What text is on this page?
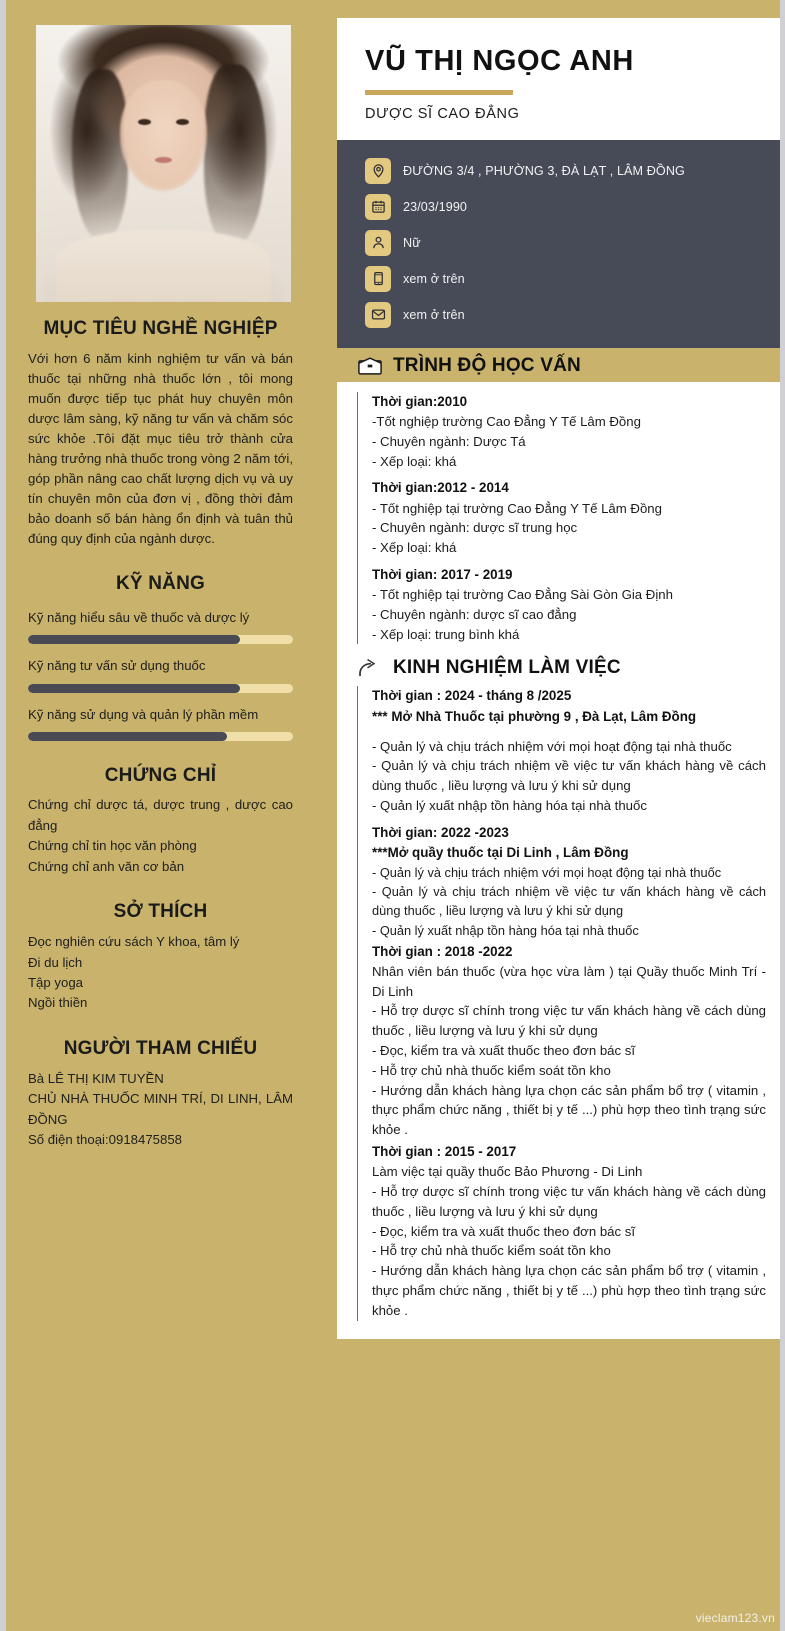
MỤC TIÊU NGHỀ NGHIỆP
Với hơn 6 năm kinh nghiệm tư vấn và bán thuốc tại những nhà thuốc lớn , tôi mong muốn được tiếp tục phát huy chuyên môn dược lâm sàng, kỹ năng tư vấn và chăm sóc sức khỏe .Tôi đặt mục tiêu trở thành cửa hàng trưởng nhà thuốc trong vòng 2 năm tới, góp phần nâng cao chất lượng dịch vụ và uy tín chuyên môn của đơn vị , đồng thời đảm bảo doanh số bán hàng ổn định và tuân thủ đúng quy định của ngành dược.
KỸ NĂNG
Kỹ năng hiểu sâu về thuốc và dược lý
Kỹ năng tư vấn sử dụng thuốc
Kỹ năng sử dụng và quản lý phần mềm
CHỨNG CHỈ
Chứng chỉ dược tá, dược trung , dược cao đẳng
Chứng chỉ tin học văn phòng
Chứng chỉ anh văn cơ bản
SỞ THÍCH
Đọc nghiên cứu sách Y khoa, tâm lý
Đi du lịch
Tập yoga
Ngồi thiền
NGƯỜI THAM CHIẾU
Bà LÊ THỊ KIM TUYỀN
CHỦ NHÀ THUỐC MINH TRÍ, DI LINH, LÂM ĐỒNG
Số điện thoại:0918475858
VŨ THỊ NGỌC ANH
DƯỢC SĨ CAO ĐẲNG
ĐƯỜNG 3/4 , PHƯỜNG 3, ĐÀ LẠT , LÂM ĐỒNG
23/03/1990
Nữ
xem ở trên
xem ở trên
TRÌNH ĐỘ HỌC VẤN
Thời gian:2010
-Tốt nghiệp trường Cao Đẳng Y Tế Lâm Đồng
- Chuyên ngành: Dược Tá
- Xếp loại: khá
Thời gian:2012 - 2014
- Tốt nghiệp tại trường Cao Đẳng Y Tế Lâm Đồng
- Chuyên ngành: dược sĩ trung học
- Xếp loại: khá
Thời gian: 2017 - 2019
- Tốt nghiệp tại trường Cao Đẳng Sài Gòn Gia Định
- Chuyên ngành: dược sĩ cao đẳng
- Xếp loại: trung bình khá
KINH NGHIỆM LÀM VIỆC
Thời gian : 2024 - tháng 8 /2025
*** Mở Nhà Thuốc tại phường 9 , Đà Lạt, Lâm Đồng
- Quản lý và chịu trách nhiệm với mọi hoạt động tại nhà thuốc
- Quản lý và chịu trách nhiệm về việc tư vấn khách hàng về cách dùng thuốc , liều lượng và lưu ý khi sử dụng
- Quản lý xuất nhập tồn hàng hóa tại nhà thuốc
Thời gian: 2022 -2023
***Mở quầy thuốc tại Di Linh , Lâm Đồng
- Quản lý và chịu trách nhiệm với mọi hoạt động tại nhà thuốc
- Quản lý và chịu trách nhiệm về việc tư vấn khách hàng về cách dùng thuốc , liều lượng và lưu ý khi sử dụng
- Quản lý xuất nhập tồn hàng hóa tại nhà thuốc
Thời gian : 2018 -2022
Nhân viên bán thuốc (vừa học vừa làm ) tại Quầy thuốc Minh Trí - Di Linh
- Hỗ trợ dược sĩ chính trong việc tư vấn khách hàng về cách dùng thuốc , liều lượng và lưu ý khi sử dụng
- Đọc, kiểm tra và xuất thuốc theo đơn bác sĩ
- Hỗ trợ chủ nhà thuốc kiểm soát tồn kho
- Hướng dẫn khách hàng lựa chọn các sản phẩm bổ trợ ( vitamin , thực phẩm chức năng , thiết bị y tế ...) phù hợp theo tình trạng sức khỏe .
Thời gian : 2015 - 2017
Làm việc tại quầy thuốc Bảo Phương - Di Linh
- Hỗ trợ dược sĩ chính trong việc tư vấn khách hàng về cách dùng thuốc , liều lượng và lưu ý khi sử dụng
- Đọc, kiểm tra và xuất thuốc theo đơn bác sĩ
- Hỗ trợ chủ nhà thuốc kiểm soát tồn kho
- Hướng dẫn khách hàng lựa chọn các sản phẩm bổ trợ ( vitamin , thực phẩm chức năng , thiết bị y tế ...) phù hợp theo tình trạng sức khỏe .
vieclam123.vn
